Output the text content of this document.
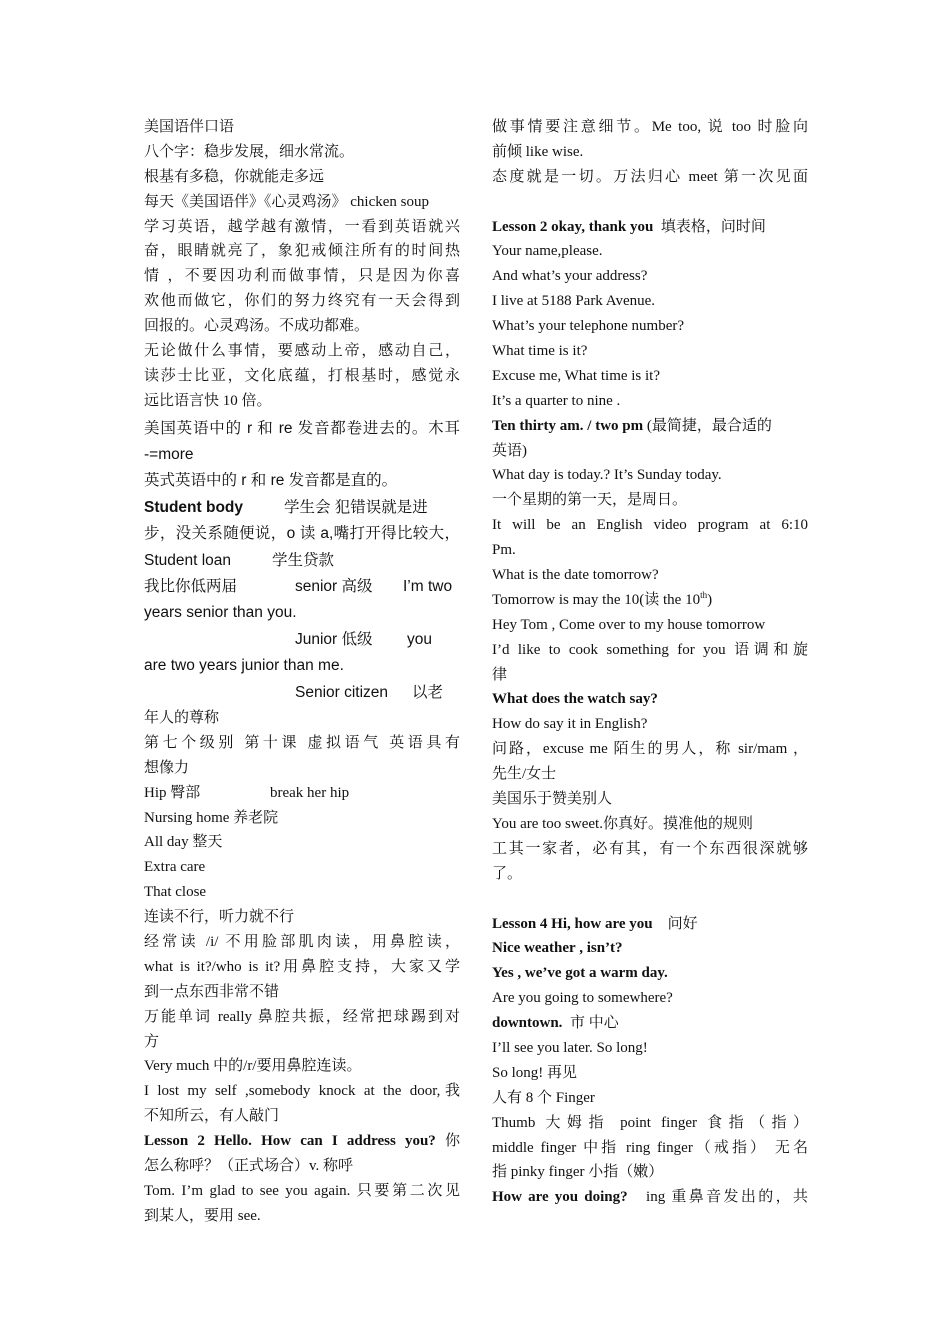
美国语伴口语
八个字：稳步发展，细水常流。
根基有多稳，你就能走多远
每天《美国语伴》《心灵鸡汤》 chicken soup
学习英语，越学越有激情，一看到英语就兴
奋，眼睛就亮了，象犯戒倾注所有的时间热
情 ，不要因功利而做事情，只是因为你喜
欢他而做它，你们的努力终究有一天会得到
回报的。心灵鸡汤。不成功都难。
无论做什么事情，要感动上帝，感动自己，
读莎士比亚，文化底蕴，打根基时，感觉永
远比语言快 10 倍。
美国英语中的 r 和 re 发音都卷进去的。木耳
-=more
英式英语中的 r 和 re 发音都是直的。
Student body	学生会 犯错误就是进
步，没关系随便说，o 读 a,嘴打开得比较大，
Student loan	学生贷款
我比你低两届	senior 高级 I’m two
years senior than you.
Junior 低级 you
are two years junior than me.
Senior citizen 以老
年人的尊称
第七个级别 第十课 虚拟语气 英语具有
想像力
Hip 臀部	break her hip
Nursing home 养老院
All day 整天
Extra care
That close
连读不行，听力就不行
经常读 /i/ 不用脸部肌肉读，用鼻腔读，
what is it?/who is it?用鼻腔支持，大家又学
到一点东西非常不错
万能单词 really 鼻腔共振，经常把球踢到对
方
Very much 中的/r/要用鼻腔连读。
I lost my self ,somebody knock at the door,我
不知所云，有人敲门
Lesson 2 Hello. How can I address you? 你
怎么称呼？（正式场合）v. 称呼
Tom. I’m glad to see you again. 只要第二次见
到某人，要用 see.
做事情要注意细节。Me too, 说 too 时脸向
前倾 like wise.
态度就是一切。万法归心 meet 第一次见面
Lesson 2 okay, thank you 填表格，问时间
Your name,please.
And what’s your address?
I live at 5188 Park Avenue.
What’s your telephone number?
What time is it?
Excuse me, What time is it?
It’s a quarter to nine .
Ten thirty am. / two pm (最简捷，最合适的
英语)
What day is today.? It’s Sunday today.
一个星期的第一天，是周日。
It will be an English video program at 6:10
Pm.
What is the date tomorrow?
Tomorrow is may the 10(读 the 10th)
Hey Tom , Come over to my house tomorrow
I’d like to cook something for you 语调和旋
律
What does the watch say?
How do say it in English?
问路，excuse me 陌生的男人，称 sir/mam ，
先生/女士
美国乐于赞美别人
You are too sweet.你真好。摸准他的规则
工其一家者，必有其，有一个东西很深就够
了。
Lesson 4 Hi, how are you 问好
Nice weather , isn’t?
Yes , we’ve got a warm day.
Are you going to somewhere?
downtown. 市 中心
I’ll see you later. So long!
So long! 再见
人有 8 个 Finger
Thumb 大姆指 point finger 食指（指）
middle finger 中指 ring finger（戒指） 无名
指 pinky finger 小指（嫩）
How are you doing? ing 重鼻音发出的，共
